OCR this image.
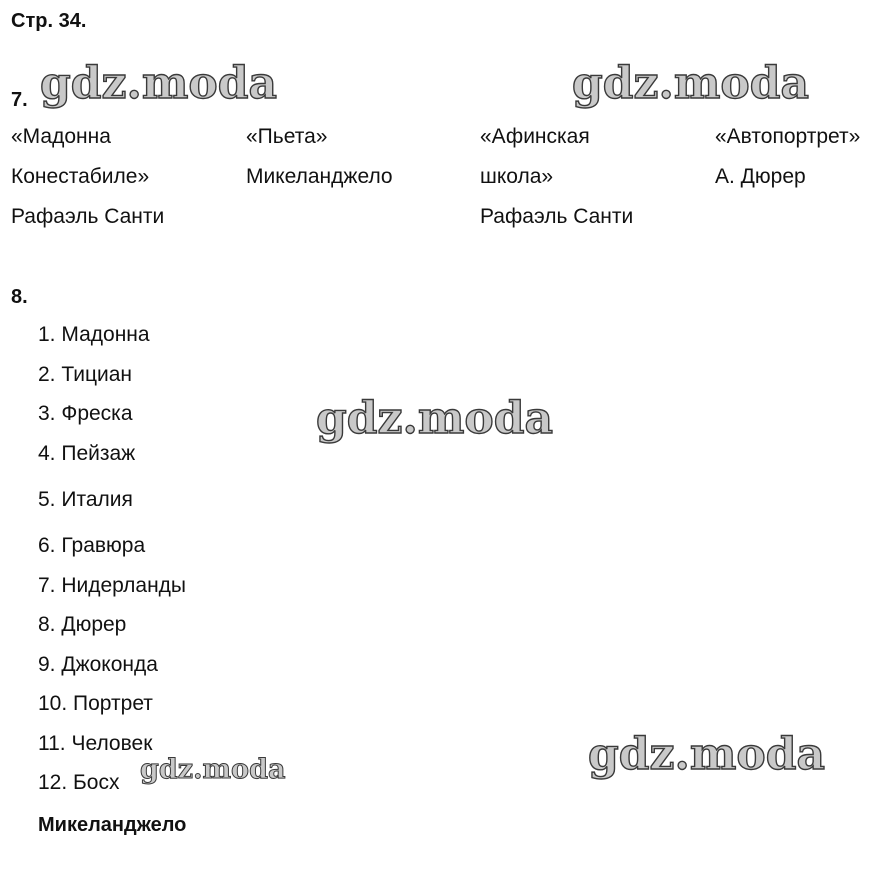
Стр. 34.
7.
«Мадонна
Конестабиле»
Рафаэль Санти
«Пьета»
Микеланджело
«Афинская
школа»
Рафаэль Санти
«Автопортрет»
А. Дюрер
8.
1. Мадонна
2. Тициан
3. Фреска
4. Пейзаж
5. Италия
6. Гравюра
7. Нидерланды
8. Дюрер
9. Джоконда
10. Портрет
11. Человек
12. Босх
Микеланджело
gdz.moda	gdz.moda
gdz.moda
gdz.moda
gdz.moda
